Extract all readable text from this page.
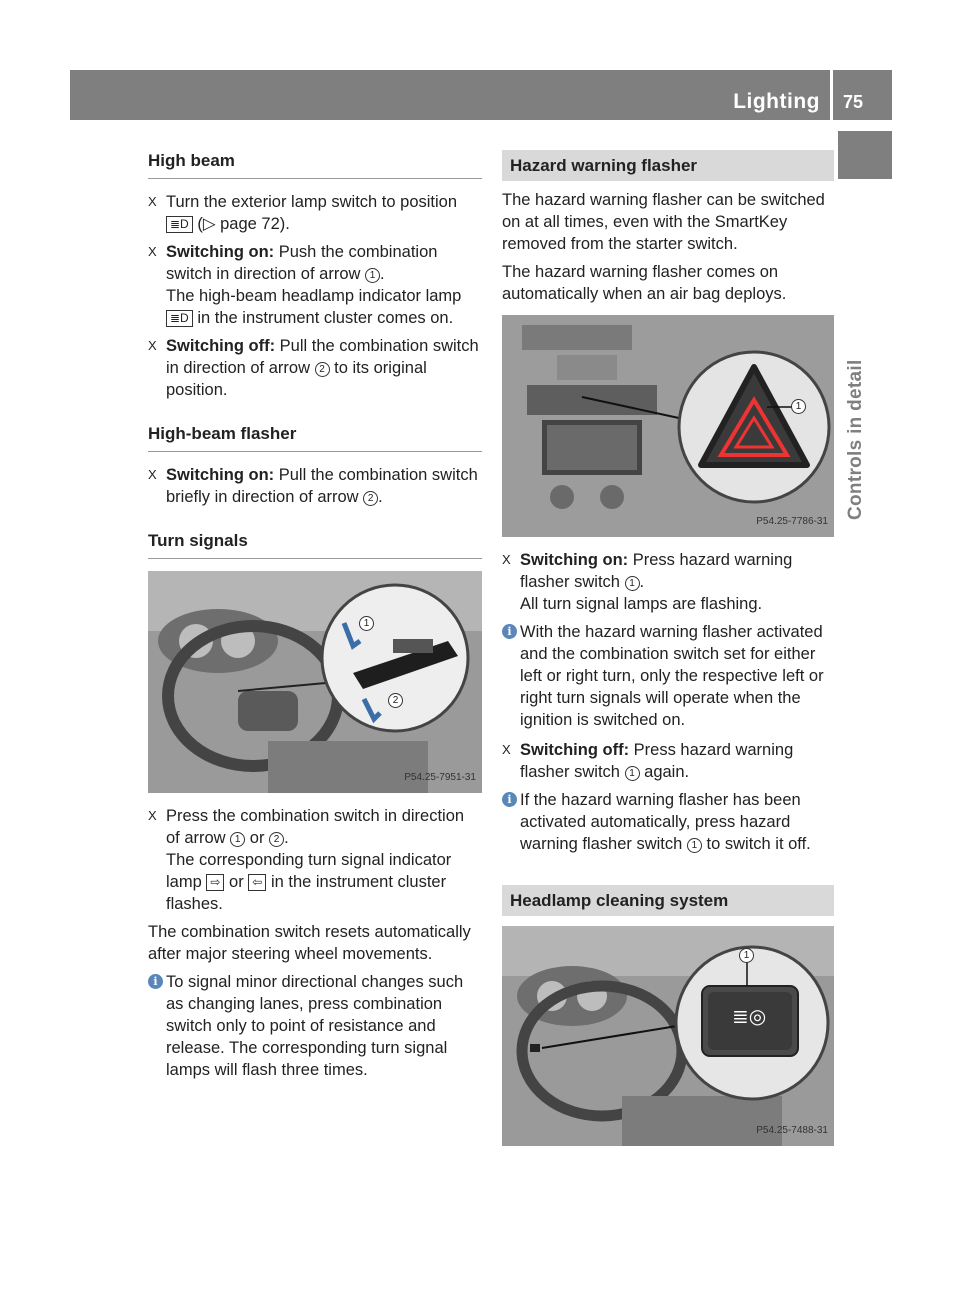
Lighting 75
Controls in detail
High beam
X Turn the exterior lamp switch to position ≣D (▷ page 72).
X Switching on: Push the combination switch in direction of arrow 1 .
The high-beam headlamp indicator lamp ≣D in the instrument cluster comes on.
X Switching off: Pull the combination switch in direction of arrow 2 to its original position.
High-beam flasher
X Switching on: Pull the combination switch briefly in direction of arrow 2 .
Turn signals
1
2
P54.25-7951-31
X Press the combination switch in direction of arrow 1 or 2 .
The corresponding turn signal indicator lamp ⇨ or ⇦ in the instrument cluster flashes.
The combination switch resets automatically after major steering wheel movements.
i To signal minor directional changes such as changing lanes, press combination switch only to point of resistance and release. The corresponding turn signal lamps will flash three times.
Hazard warning flasher
The hazard warning flasher can be switched on at all times, even with the SmartKey removed from the starter switch.
The hazard warning flasher comes on automatically when an air bag deploys.
1
P54.25-7786-31
X Switching on: Press hazard warning flasher switch 1 .
All turn signal lamps are flashing.
i With the hazard warning flasher activated and the combination switch set for either left or right turn, only the respective left or right turn signals will operate when the ignition is switched on.
X Switching off: Press hazard warning flasher switch 1 again.
i If the hazard warning flasher has been activated automatically, press hazard warning flasher switch 1 to switch it off.
Headlamp cleaning system
1
≣◎
P54.25-7488-31
